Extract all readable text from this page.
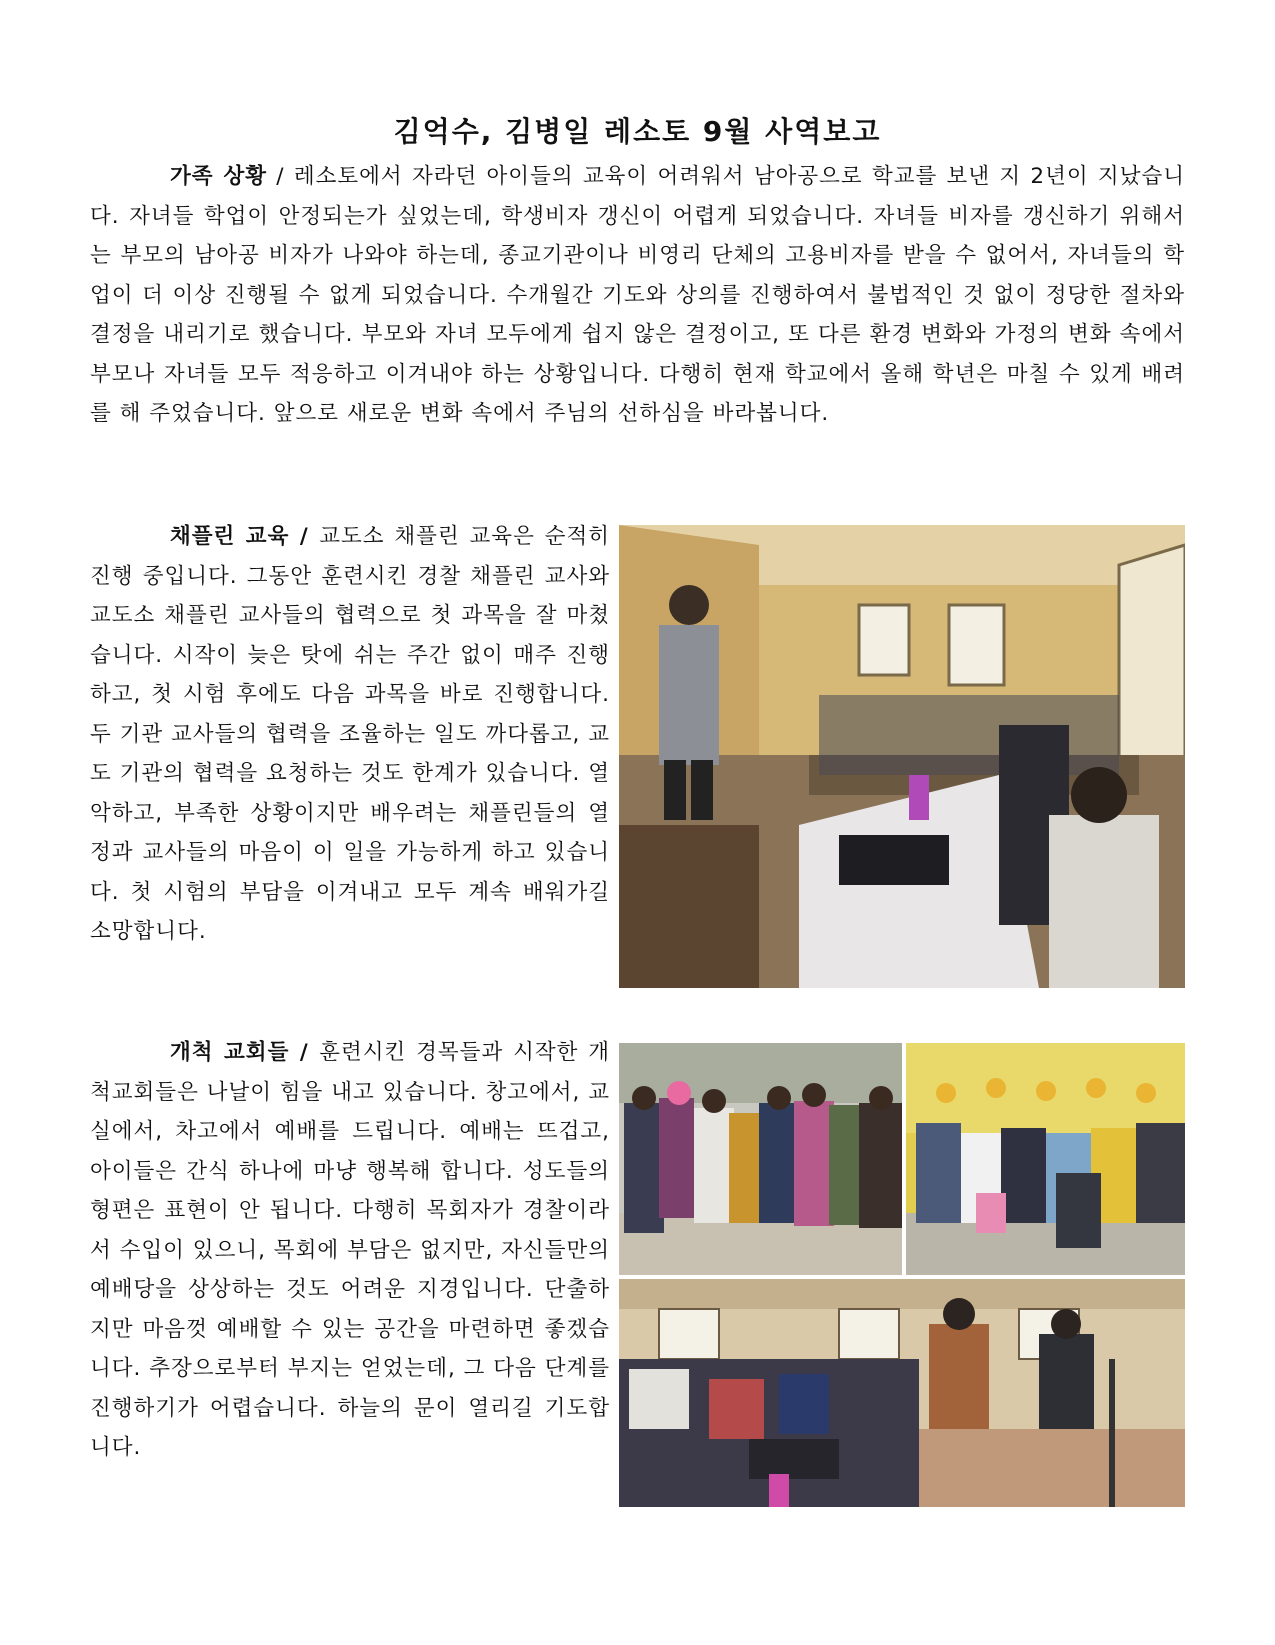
김억수, 김병일 레소토 9월 사역보고

가족 상황 / 레소토에서 자라던 아이들의 교육이 어려워서 남아공으로 학교를 보낸 지 2년이 지났습니다. 자녀들 학업이 안정되는가 싶었는데, 학생비자 갱신이 어렵게 되었습니다. 자녀들 비자를 갱신하기 위해서는 부모의 남아공 비자가 나와야 하는데, 종교기관이나 비영리 단체의 고용비자를 받을 수 없어서, 자녀들의 학업이 더 이상 진행될 수 없게 되었습니다. 수개월간 기도와 상의를 진행하여서 불법적인 것 없이 정당한 절차와 결정을 내리기로 했습니다. 부모와 자녀 모두에게 쉽지 않은 결정이고, 또 다른 환경 변화와 가정의 변화 속에서 부모나 자녀들 모두 적응하고 이겨내야 하는 상황입니다. 다행히 현재 학교에서 올해 학년은 마칠 수 있게 배려를 해 주었습니다. 앞으로 새로운 변화 속에서 주님의 선하심을 바라봅니다.

채플린 교육 / 교도소 채플린 교육은 순적히 진행 중입니다. 그동안 훈련시킨 경찰 채플린 교사와 교도소 채플린 교사들의 협력으로 첫 과목을 잘 마쳤습니다. 시작이 늦은 탓에 쉬는 주간 없이 매주 진행하고, 첫 시험 후에도 다음 과목을 바로 진행합니다. 두 기관 교사들의 협력을 조율하는 일도 까다롭고, 교도 기관의 협력을 요청하는 것도 한계가 있습니다. 열악하고, 부족한 상황이지만 배우려는 채플린들의 열정과 교사들의 마음이 이 일을 가능하게 하고 있습니다. 첫 시험의 부담을 이겨내고 모두 계속 배워가길 소망합니다.

개척 교회들 / 훈련시킨 경목들과 시작한 개척교회들은 나날이 힘을 내고 있습니다. 창고에서, 교실에서, 차고에서 예배를 드립니다. 예배는 뜨겁고, 아이들은 간식 하나에 마냥 행복해 합니다. 성도들의 형편은 표현이 안 됩니다. 다행히 목회자가 경찰이라서 수입이 있으니, 목회에 부담은 없지만, 자신들만의 예배당을 상상하는 것도 어려운 지경입니다. 단출하지만 마음껏 예배할 수 있는 공간을 마련하면 좋겠습니다. 추장으로부터 부지는 얻었는데, 그 다음 단계를 진행하기가 어렵습니다. 하늘의 문이 열리길 기도합니다.
